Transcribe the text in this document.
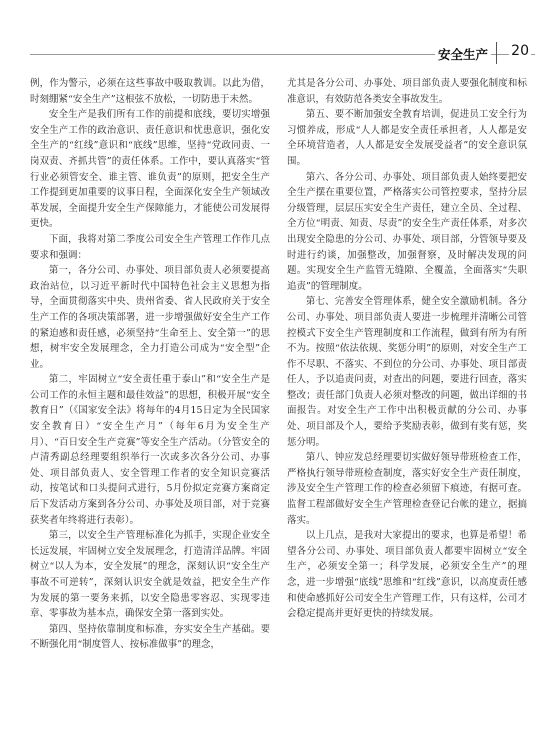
安全生产 20

例，作为警示，必须在这些事故中吸取教训。以此为借，时刻绷紧“安全生产”这根弦不放松，一切防患于未然。

安全生产是我们所有工作的前提和底线，要切实增强安全生产工作的政治意识、责任意识和忧患意识，强化安全生产的“红线”意识和“底线”思维，坚持“党政同责、一岗双责、齐抓共管”的责任体系。工作中，要认真落实“管行业必须管安全、谁主管、谁负责”的原则，把安全生产工作提到更加重要的议事日程，全面深化安全生产领域改革发展，全面提升安全生产保障能力，才能使公司发展得更快。

下面，我将对第二季度公司安全生产管理工作作几点要求和强调：

第一，各分公司、办事处、项目部负责人必须要提高政治站位，以习近平新时代中国特色社会主义思想为指导，全面贯彻落实中央、贵州省委、省人民政府关于安全生产工作的各项决策部署，进一步增强做好安全生产工作的紧迫感和责任感，必须坚持“生命至上、安全第一”的思想，树牢安全发展理念，全力打造公司成为“安全型”企业。

第二，牢固树立“安全责任重于泰山”和“安全生产是公司工作的永恒主题和最佳效益”的思想，积极开展“安全教育日”（《国家安全法》将每年的4月15日定为全民国家安全教育日）“安全生产月”（每年6月为安全生产月）、“百日安全生产竞赛”等安全生产活动。（分管安全的卢清秀副总经理要组织举行一次或多次各分公司、办事处、项目部负责人、安全管理工作者的安全知识竞赛活动，按笔试和口头提问式进行，5月份拟定竞赛方案商定后下发活动方案到各分公司、办事处及项目部，对于竞赛获奖者年终将进行表彰）。

第三，以安全生产管理标准化为抓手，实现企业安全长远发展，牢固树立安全发展理念，打造清洋品牌。牢固树立“以人为本，安全发展”的理念，深刻认识“安全生产事故不可逆转”，深刻认识安全就是效益，把安全生产作为发展的第一要务来抓，以安全隐患零容忍、实现零违章、零事故为基本点，确保安全第一落到实处。

第四、坚持依靠制度和标准，夯实安全生产基础。要不断强化用“制度管人、按标准做事”的理念，

尤其是各分公司、办事处、项目部负责人要强化制度和标准意识，有效防范各类安全事故发生。

第五、要不断加强安全教育培训，促进员工安全行为习惯养成，形成“人人都是安全责任承担者，人人都是安全环境营造者，人人都是安全发展受益者”的安全意识氛围。

第六、各分公司、办事处、项目部负责人始终要把安全生产摆在重要位置，严格落实公司管控要求，坚持分层分级管理，层层压实安全生产责任，建立全员、全过程、全方位“明责、知责、尽责”的安全生产责任体系，对多次出现安全隐患的分公司、办事处、项目部，分管领导要及时进行约谈，加强整改，加强督察，及时解决发现的问题。实现安全生产监管无缝隙、全覆盖，全面落实“失职追责”的管理制度。

第七、完善安全管理体系，健全安全激励机制。各分公司、办事处、项目部负责人要进一步梳理并清晰公司管控模式下安全生产管理制度和工作流程，做到有所为有所不为。按照“依法依规、奖惩分明”的原则，对安全生产工作不尽职、不落实、不到位的分公司、办事处、项目部责任人，予以追责问责，对查出的问题，要进行回查，落实整改；责任部门负责人必须对整改的问题，做出详细的书面报告。对安全生产工作中出积极贡献的分公司、办事处、项目部及个人，要给予奖励表彰，做到有奖有惩，奖惩分明。

第八、钟应发总经理要切实做好领导带班检查工作，严格执行领导带班检查制度，落实好安全生产责任制度，涉及安全生产管理工作的检查必须留下痕迹，有据可查。监督工程部做好安全生产管理检查登记台帐的建立，据搞落实。

以上几点，是我对大家提出的要求，也算是希望！希望各分公司、办事处、项目部负责人都要牢固树立“安全生产，必须安全第一；科学发展，必须安全生产”的理念，进一步增强“底线”思维和“红线”意识，以高度责任感和使命感抓好公司安全生产管理工作，只有这样，公司才会稳定提高并更好更快的持续发展。
